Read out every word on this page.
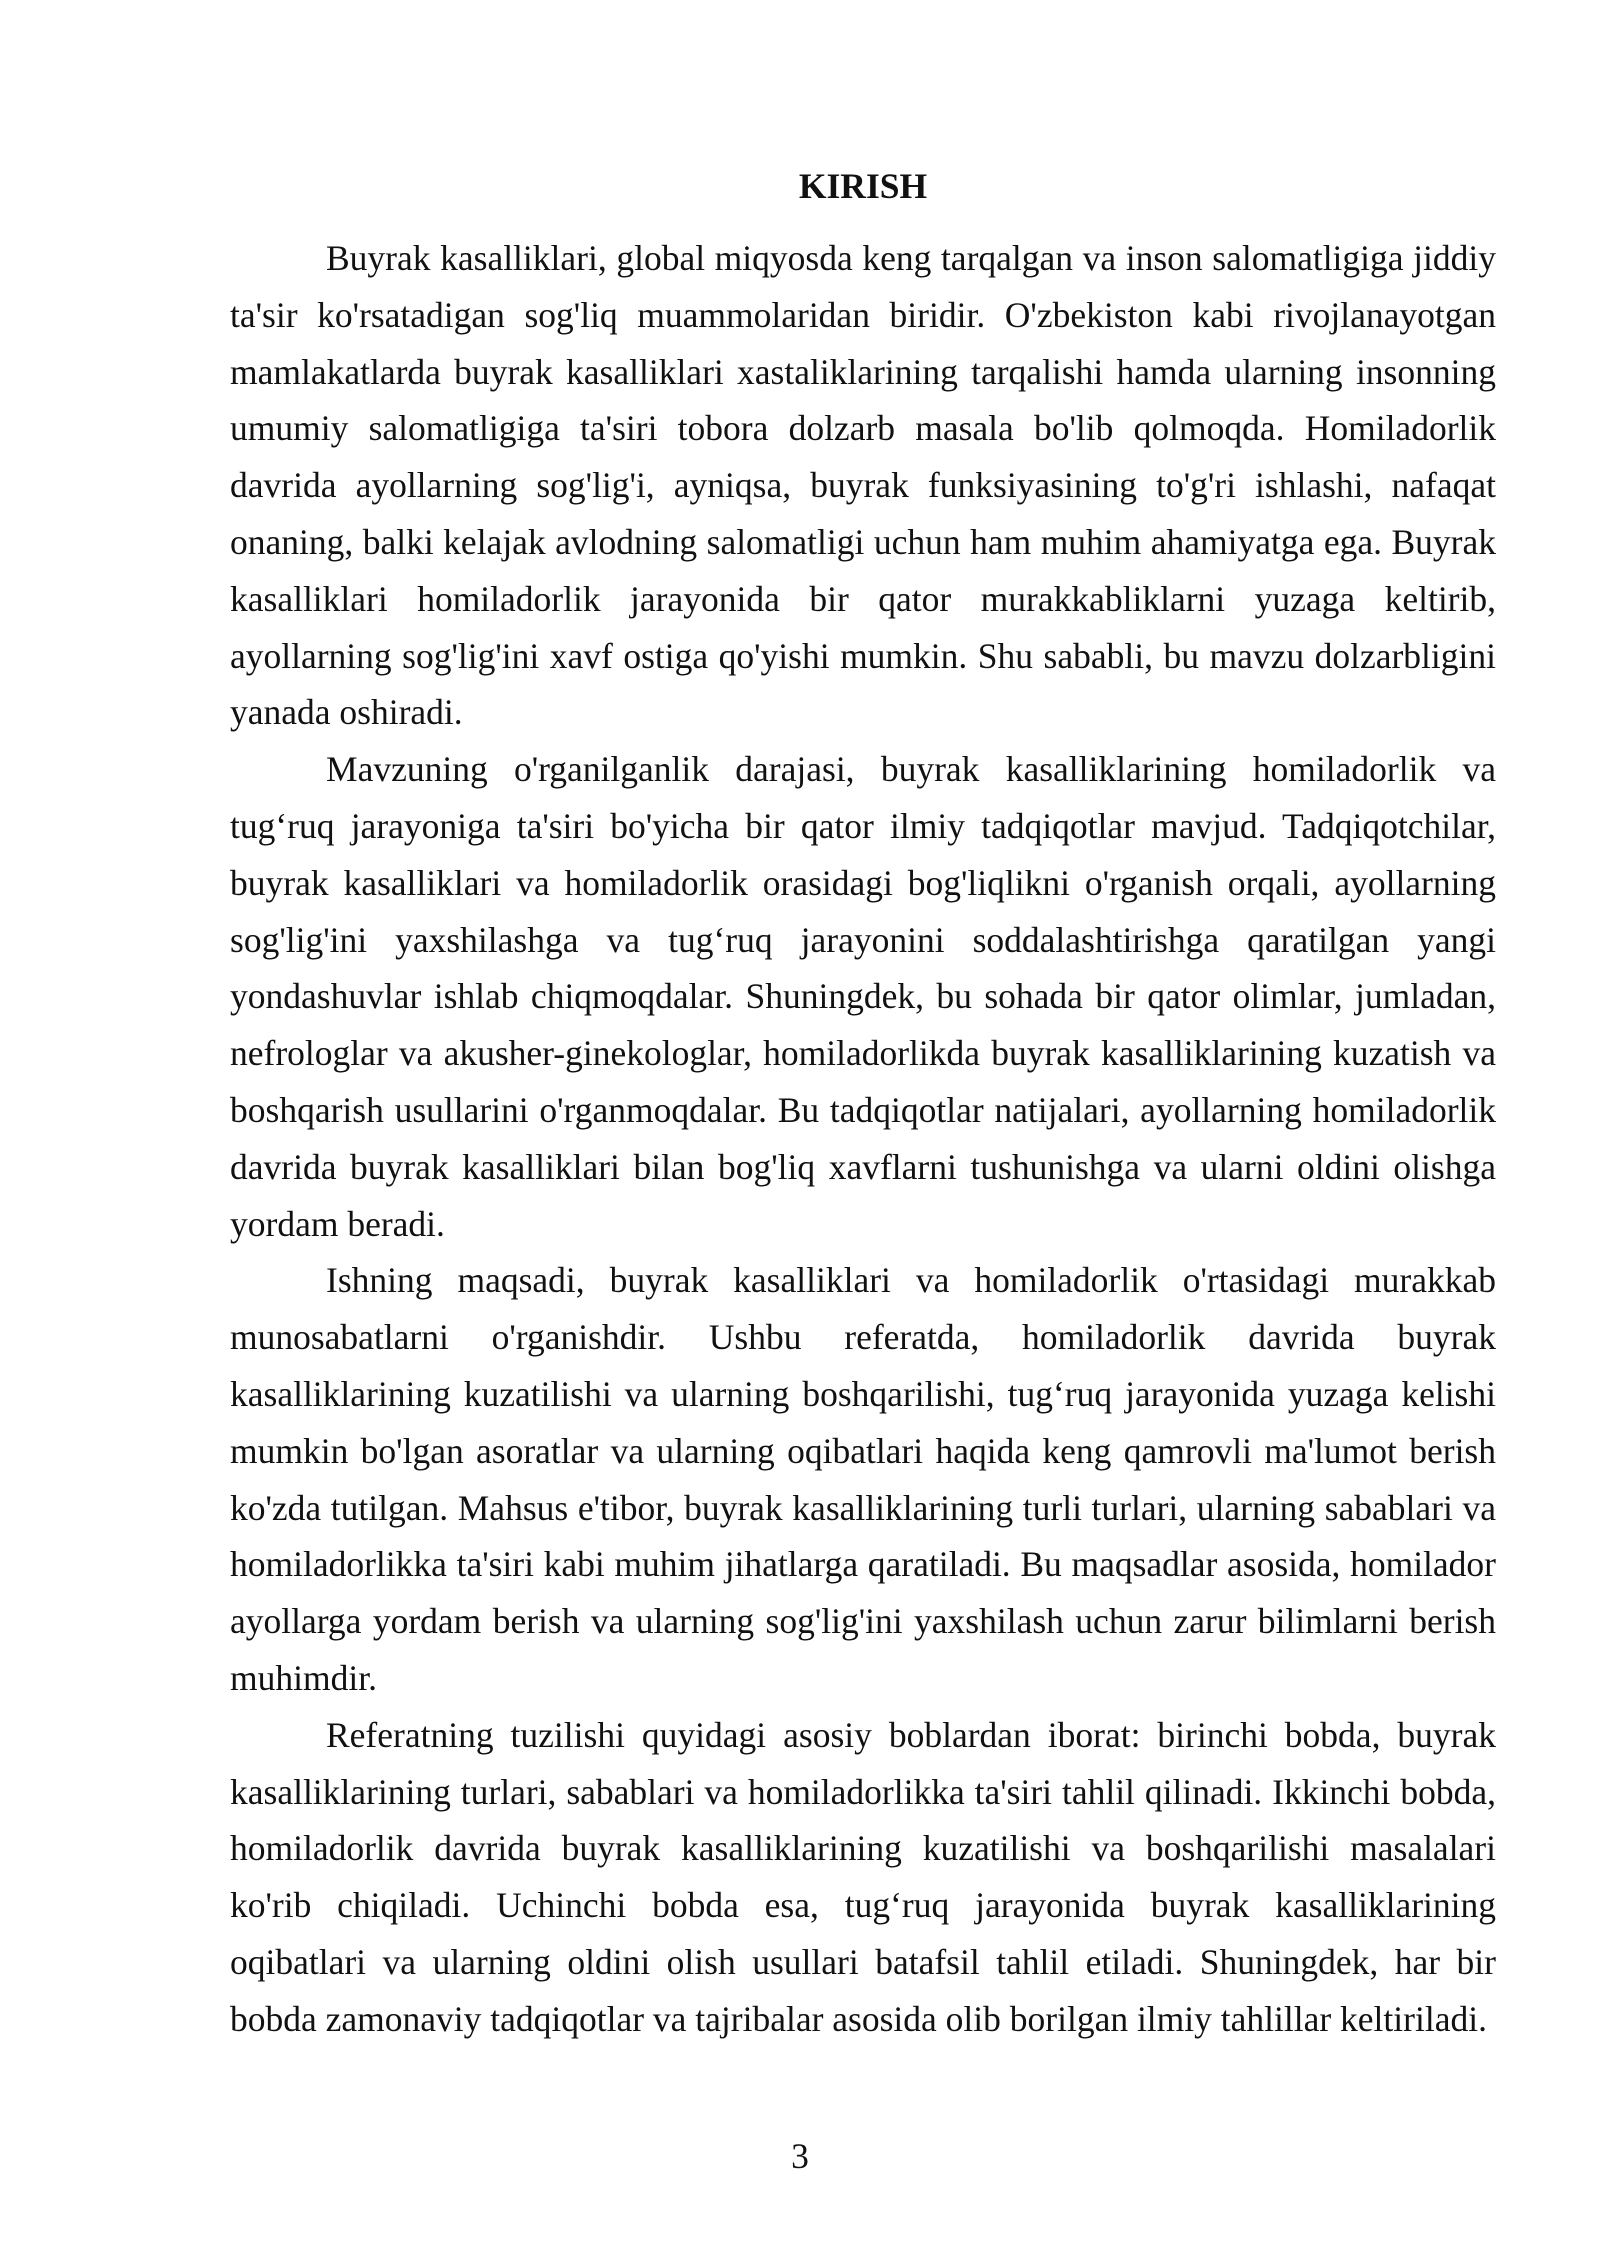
KIRISH

Buyrak kasalliklari, global miqyosda keng tarqalgan va inson salomatligiga jiddiy ta'sir ko'rsatadigan sog'liq muammolaridan biridir. O'zbekiston kabi rivojlanayotgan mamlakatlarda buyrak kasalliklari xastaliklarining tarqalishi hamda ularning insonning umumiy salomatligiga ta'siri tobora dolzarb masala bo'lib qolmoqda. Homiladorlik davrida ayollarning sog'lig'i, ayniqsa, buyrak funksiyasining to'g'ri ishlashi, nafaqat onaning, balki kelajak avlodning salomatligi uchun ham muhim ahamiyatga ega. Buyrak kasalliklari homiladorlik jarayonida bir qator murakkabliklarni yuzaga keltirib, ayollarning sog'lig'ini xavf ostiga qo'yishi mumkin. Shu sababli, bu mavzu dolzarbligini yanada oshiradi.

Mavzuning o'rganilganlik darajasi, buyrak kasalliklarining homiladorlik va tug‘ruq jarayoniga ta'siri bo'yicha bir qator ilmiy tadqiqotlar mavjud. Tadqiqotchilar, buyrak kasalliklari va homiladorlik orasidagi bog'liqlikni o'rganish orqali, ayollarning sog'lig'ini yaxshilashga va tug‘ruq jarayonini soddalashtirishga qaratilgan yangi yondashuvlar ishlab chiqmoqdalar. Shuningdek, bu sohada bir qator olimlar, jumladan, nefrologlar va akusher-ginekologlar, homiladorlikda buyrak kasalliklarining kuzatish va boshqarish usullarini o'rganmoqdalar. Bu tadqiqotlar natijalari, ayollarning homiladorlik davrida buyrak kasalliklari bilan bog'liq xavflarni tushunishga va ularni oldini olishga yordam beradi.

Ishning maqsadi, buyrak kasalliklari va homiladorlik o'rtasidagi murakkab munosabatlarni o'rganishdir. Ushbu referatda, homiladorlik davrida buyrak kasalliklarining kuzatilishi va ularning boshqarilishi, tug‘ruq jarayonida yuzaga kelishi mumkin bo'lgan asoratlar va ularning oqibatlari haqida keng qamrovli ma'lumot berish ko'zda tutilgan. Mahsus e'tibor, buyrak kasalliklarining turli turlari, ularning sabablari va homiladorlikka ta'siri kabi muhim jihatlarga qaratiladi. Bu maqsadlar asosida, homilador ayollarga yordam berish va ularning sog'lig'ini yaxshilash uchun zarur bilimlarni berish muhimdir.

Referatning tuzilishi quyidagi asosiy boblardan iborat: birinchi bobda, buyrak kasalliklarining turlari, sabablari va homiladorlikka ta'siri tahlil qilinadi. Ikkinchi bobda, homiladorlik davrida buyrak kasalliklarining kuzatilishi va boshqarilishi masalalari ko'rib chiqiladi. Uchinchi bobda esa, tug‘ruq jarayonida buyrak kasalliklarining oqibatlari va ularning oldini olish usullari batafsil tahlil etiladi. Shuningdek, har bir bobda zamonaviy tadqiqotlar va tajribalar asosida olib borilgan ilmiy tahlillar keltiriladi.

3
